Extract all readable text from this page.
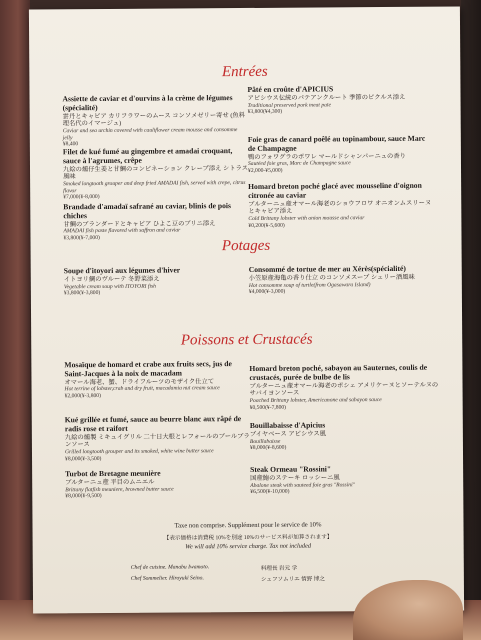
Entrées
Assiette de caviar et d'ourvins à la crème de légumes (spécialité)
雲丹とキャビア カリフラワーのムース コンソメゼリー寄せ (魚料理名代のイマージュ)
Caviar and sea urchin covered with cauliflower cream mousse and consomme jelly
¥8,400
Filet de kué fumé au gingembre et amadai croquant, sauce à l'agrumes, crêpe
九絵の燻仔生姜と甘鯛のコンビネーション クレープ添え シトラス風味
Smoked longtooth grouper and deep fried AMADAI fish, served with crepe, citrus flavor
¥7,000(¥-8,000)
Brandade d'amadaï safrané au caviar, blinis de pois chiches
甘鯛のブランダードとキャビア ひよこ豆のブリニ添え
AMADAI fish paste flavored with saffron and caviar
¥3,800(¥-7,000)
Pâté en croûte d'APICIUS
アピシウス伝統のパテアンクルート 季節のピクルス添え
Traditional preserved pork meat pate
¥3,800(¥4,300)
Foie gras de canard poêlé au topinambour, sauce Marc de Champagne
鴨のフォワグラのポワレ マールドシャンパーニュの香り
Sautéed foie gras, Marc de Champagne sauce
¥2,000-¥5,000)
Homard breton poché glacé avec mousseline d'oignon citronée au caviar
ブルターニュ産オマール海老のショウフロワ オニオンムスリーヌとキャビア添え
Cold Brittany lobster with onion mousse and caviar
¥0,200(¥-5,600)
Potages
Soupe d'itoyori aux légumes d'hiver
イトヨリ鯛のヴルーテ 冬野菜添え
Vegetable cream soup with ITOYORI fish
¥3,800(¥-3,800)
Consommé de tortue de mer au Xérès(spécialité)
小笠原産海亀の香り仕立 のコンソメスープ シェリー酒風味
Hot consomme soup of turtle(from Ogasawara Island)
¥4,000(¥-3,000)
Poissons et Crustacés
Mosaïque de homard et crabe aux fruits secs, jus de Saint-Jacques à la noix de macadam
オマール海老、蟹、ドライフルーツのモザイク仕立て
Hot terrine of lobster,crab and dry fruit, macadamia nut cream sauce
¥2,000(¥-3,800)
Kué grillée et fumé, sauce au beurre blanc aux râpé de radis rose et raifort
九絵の燻製 ミキュイグリル 二十日大根とレフォールのブールブランソース
Grilled longtooth grouper and its smoked, white wine butter sauce
¥8,000(¥-3,500)
Turbot de Bretagne meunière
ブルターニュ産 平目のムニエル
Brittany flatfish meuniere, browned butter sauce
¥8,000(¥-9,500)
Homard breton poché, sabayon au Sauternes, coulis de crustacés, purée de bulbe de lis
ブルターニュ産オマール海老のポシェ アメリケーヌとソーテルヌのサバイヨンソース
Poached Brittany lobster, Americanone and sabayon sauce
¥0,500(¥-7,800)
Bouillabaisse d'Apicius
ブイヤベース アピシウス風
Bouillabaisse
¥8,000(¥-8,600)
Steak Ormeau "Rossini"
国産鮑のステーキ ロッシーニ風
Abalone steak with sauteed foie gras "Rossini"
¥6,500(¥-10,000)
Taxe non comprise. Supplément pour le service de 10%
【表示価格は消費税 10%を別途 10%のサービス料が加算されます】
We will add 10% service charge. Tax not included
Chef de cuisine. Manabu Iwamoto.	料理長 岩元 学
Chef Sommelier. Hiroyuki Seino.	シェフソムリエ 情野 博之
